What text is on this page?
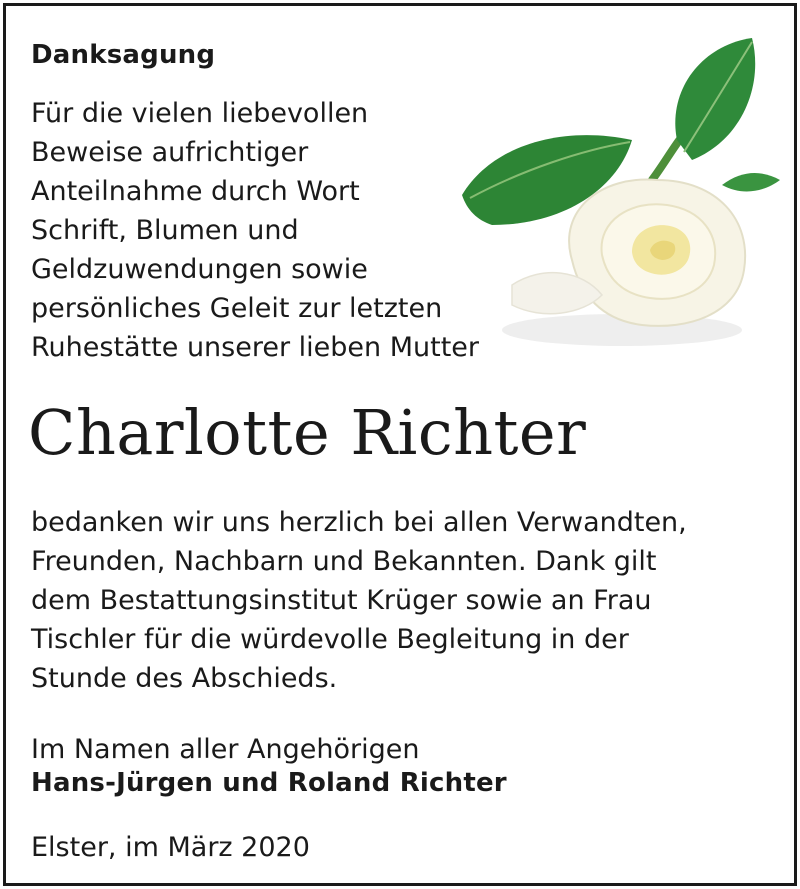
Danksagung
Für die vielen liebevollen
Beweise aufrichtiger
Anteilnahme durch Wort
Schrift, Blumen und
Geldzuwendungen sowie
persönliches Geleit zur letzten
Ruhestätte unserer lieben Mutter
Charlotte Richter
bedanken wir uns herzlich bei allen Verwandten,
Freunden, Nachbarn und Bekannten. Dank gilt
dem Bestattungsinstitut Krüger sowie an Frau
Tischler für die würdevolle Begleitung in der
Stunde des Abschieds.
Im Namen aller Angehörigen
Hans-Jürgen und Roland Richter
Elster, im März 2020
